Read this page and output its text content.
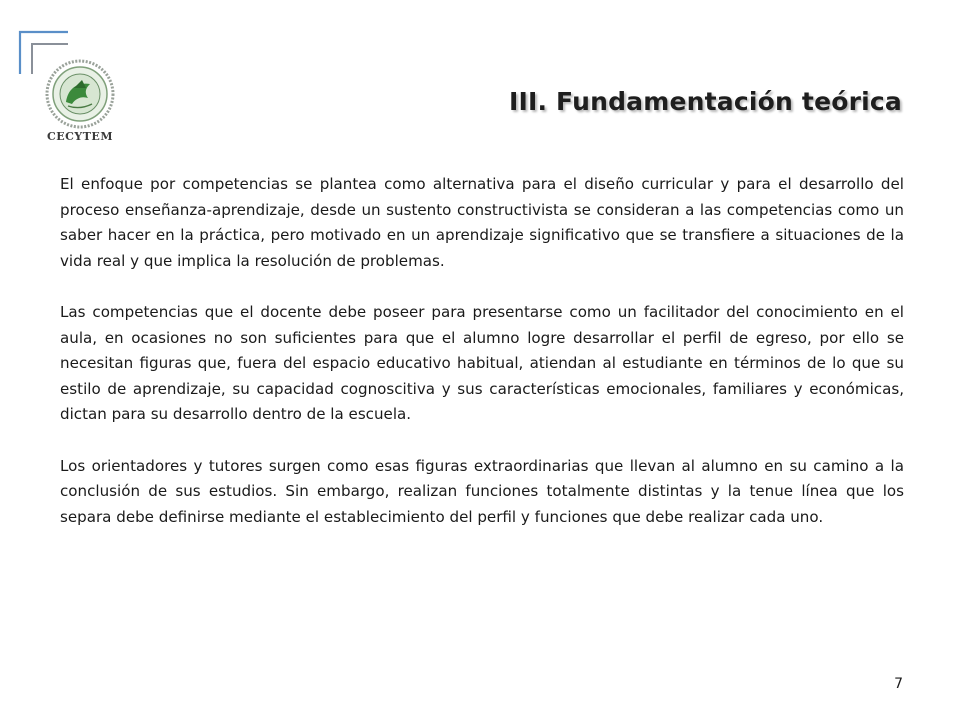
CECYTEM
III. Fundamentación teórica

El enfoque por competencias se plantea como alternativa para el diseño curricular y para el desarrollo del proceso enseñanza-aprendizaje, desde un sustento constructivista se consideran a las competencias como un saber hacer en la práctica, pero motivado en un aprendizaje significativo que se transfiere a situaciones de la vida real y que implica la resolución de problemas.

Las competencias que el docente debe poseer para presentarse como un facilitador del conocimiento en el aula, en ocasiones no son suficientes para que el alumno logre desarrollar el perfil de egreso, por ello se necesitan figuras que, fuera del espacio educativo habitual, atiendan al estudiante en términos de lo que su estilo de aprendizaje, su capacidad cognoscitiva y sus características emocionales, familiares y económicas, dictan para su desarrollo dentro de la escuela.

Los orientadores y tutores surgen como esas figuras extraordinarias que llevan al alumno en su camino a la conclusión de sus estudios. Sin embargo, realizan funciones totalmente distintas y la tenue línea que los separa debe definirse mediante el establecimiento del perfil y funciones que debe realizar cada uno.

7
